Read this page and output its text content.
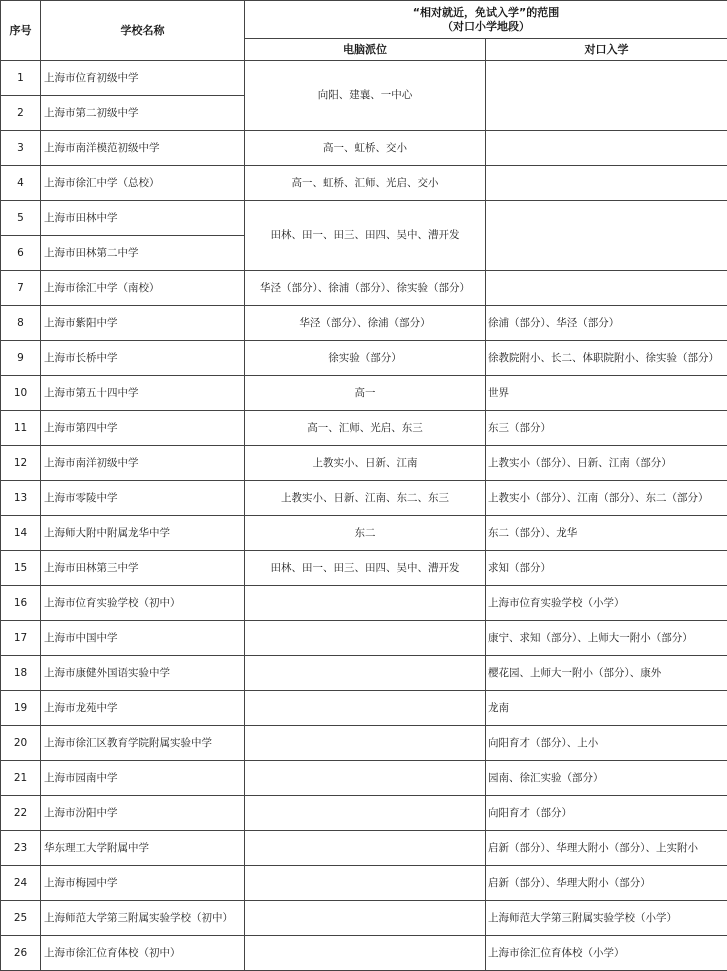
序号	学校名称	“相对就近，免试入学”的范围
（对口小学地段）	

		电脑派位	对口入学
1	上海市位育初级中学	向阳、建襄、一中心	
2	上海市第二初级中学		
3	上海市南洋模范初级中学	高一、虹桥、交小	
4	上海市徐汇中学（总校）	高一、虹桥、汇师、光启、交小	
5	上海市田林中学	田林、田一、田三、田四、吴中、漕开发	
6	上海市田林第二中学		
7	上海市徐汇中学（南校）	华泾（部分）、徐浦（部分）、徐实验（部分）	
8	上海市紫阳中学	华泾（部分）、徐浦（部分）	徐浦（部分）、华泾（部分）
9	上海市长桥中学	徐实验（部分）	徐教院附小、长二、体职院附小、徐实验（部分）
10	上海市第五十四中学	高一	世界
11	上海市第四中学	高一、汇师、光启、东三	东三（部分）
12	上海市南洋初级中学	上教实小、日新、江南	上教实小（部分）、日新、江南（部分）
13	上海市零陵中学	上教实小、日新、江南、东二、东三	上教实小（部分）、江南（部分）、东二（部分）
14	上海师大附中附属龙华中学	东二	东二（部分）、龙华
15	上海市田林第三中学	田林、田一、田三、田四、吴中、漕开发	求知（部分）
16	上海市位育实验学校（初中）		上海市位育实验学校（小学）
17	上海市中国中学		康宁、求知（部分）、上师大一附小（部分）
18	上海市康健外国语实验中学		樱花园、上师大一附小（部分）、康外
19	上海市龙苑中学		龙南
20	上海市徐汇区教育学院附属实验中学		向阳育才（部分）、上小
21	上海市园南中学		园南、徐汇实验（部分）
22	上海市汾阳中学		向阳育才（部分）
23	华东理工大学附属中学		启新（部分）、华理大附小（部分）、上实附小
24	上海市梅园中学		启新（部分）、华理大附小（部分）
25	上海师范大学第三附属实验学校（初中）		上海师范大学第三附属实验学校（小学）
26	上海市徐汇位育体校（初中）		上海市徐汇位育体校（小学）
